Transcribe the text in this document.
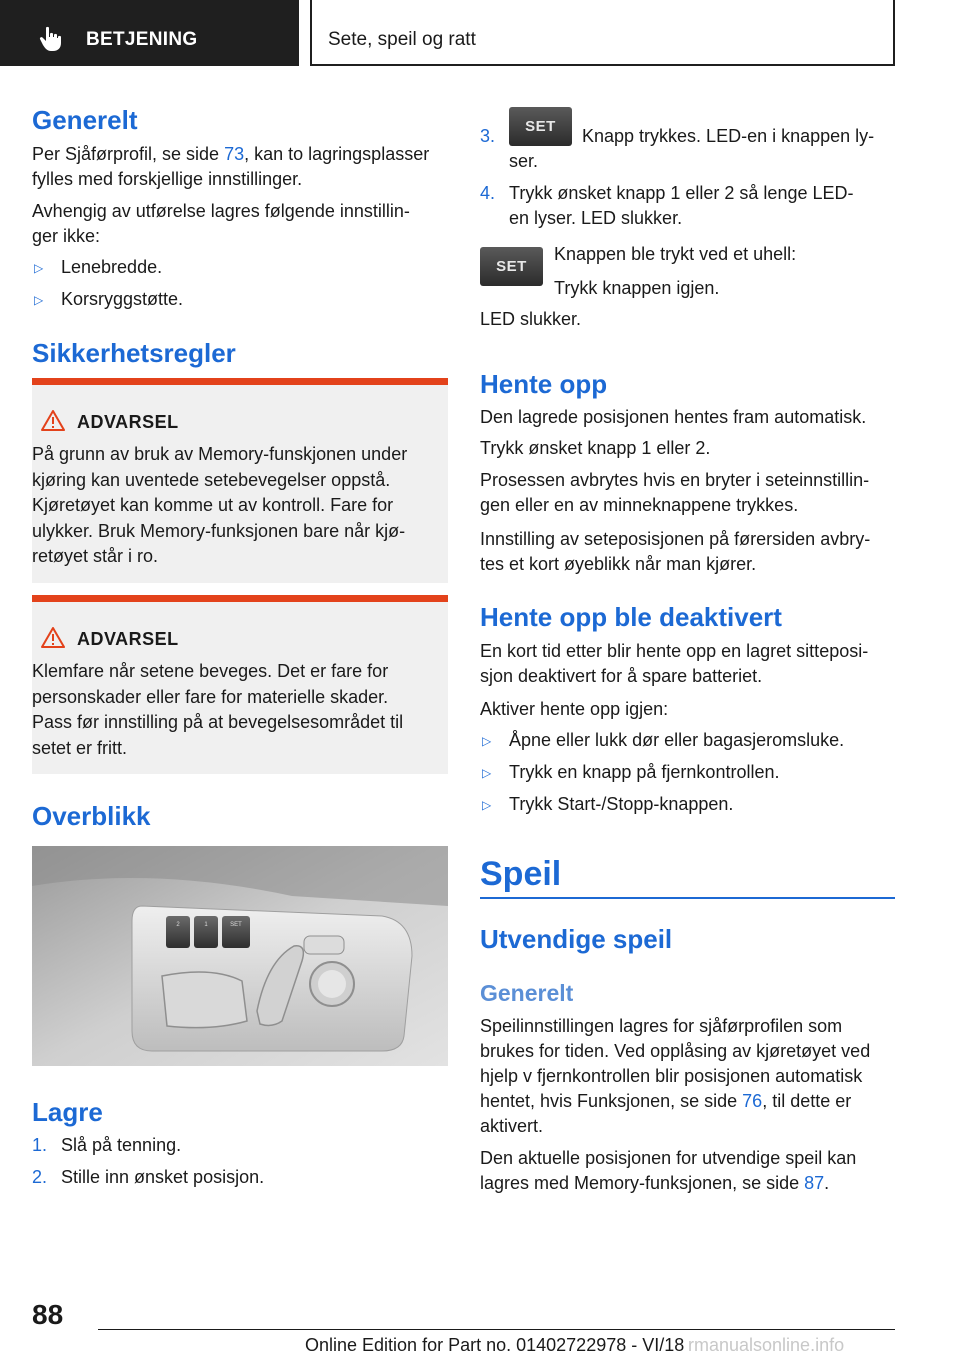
BETJENING	Sete, speil og ratt
Generelt
Per Sjåførprofil, se side 73, kan to lagringsplasser
fylles med forskjellige innstillinger.
Avhengig av utførelse lagres følgende innstillin-
ger ikke:
▷ Lenebredde.
▷ Korsryggstøtte.
Sikkerhetsregler
ADVARSEL
På grunn av bruk av Memory-funskjonen under
kjøring kan uventede setebevegelser oppstå.
Kjøretøyet kan komme ut av kontroll. Fare for
ulykker. Bruk Memory-funksjonen bare når kjø-
retøyet står i ro.
ADVARSEL
Klemfare når setene beveges. Det er fare for
personskader eller fare for materielle skader.
Pass før innstilling på at bevegelsesområdet til
setet er fritt.
Overblikk
2	1	SET
Lagre
1. Slå på tenning.
2. Stille inn ønsket posisjon.
3.	SET	Knapp trykkes. LED-en i knappen ly-
ser.
4. Trykk ønsket knapp 1 eller 2 så lenge LED-
en lyser. LED slukker.
SET
Knappen ble trykt ved et uhell:
Trykk knappen igjen.
LED slukker.
Hente opp
Den lagrede posisjonen hentes fram automatisk.
Trykk ønsket knapp 1 eller 2.
Prosessen avbrytes hvis en bryter i seteinnstillin-
gen eller en av minneknappene trykkes.
Innstilling av seteposisjonen på førersiden avbry-
tes et kort øyeblikk når man kjører.
Hente opp ble deaktivert
En kort tid etter blir hente opp en lagret sitteposi-
sjon deaktivert for å spare batteriet.
Aktiver hente opp igjen:
▷ Åpne eller lukk dør eller bagasjeromsluke.
▷ Trykk en knapp på fjernkontrollen.
▷ Trykk Start-/Stopp-knappen.
Speil
Utvendige speil
Generelt
Speilinnstillingen lagres for sjåførprofilen som
brukes for tiden. Ved opplåsing av kjøretøyet ved
hjelp v fjernkontrollen blir posisjonen automatisk
hentet, hvis Funksjonen, se side 76, til dette er
aktivert.
Den aktuelle posisjonen for utvendige speil kan
lagres med Memory-funksjonen, se side 87.
88
Online Edition for Part no. 01402722978 - VI/18 rmanualsonline.info
